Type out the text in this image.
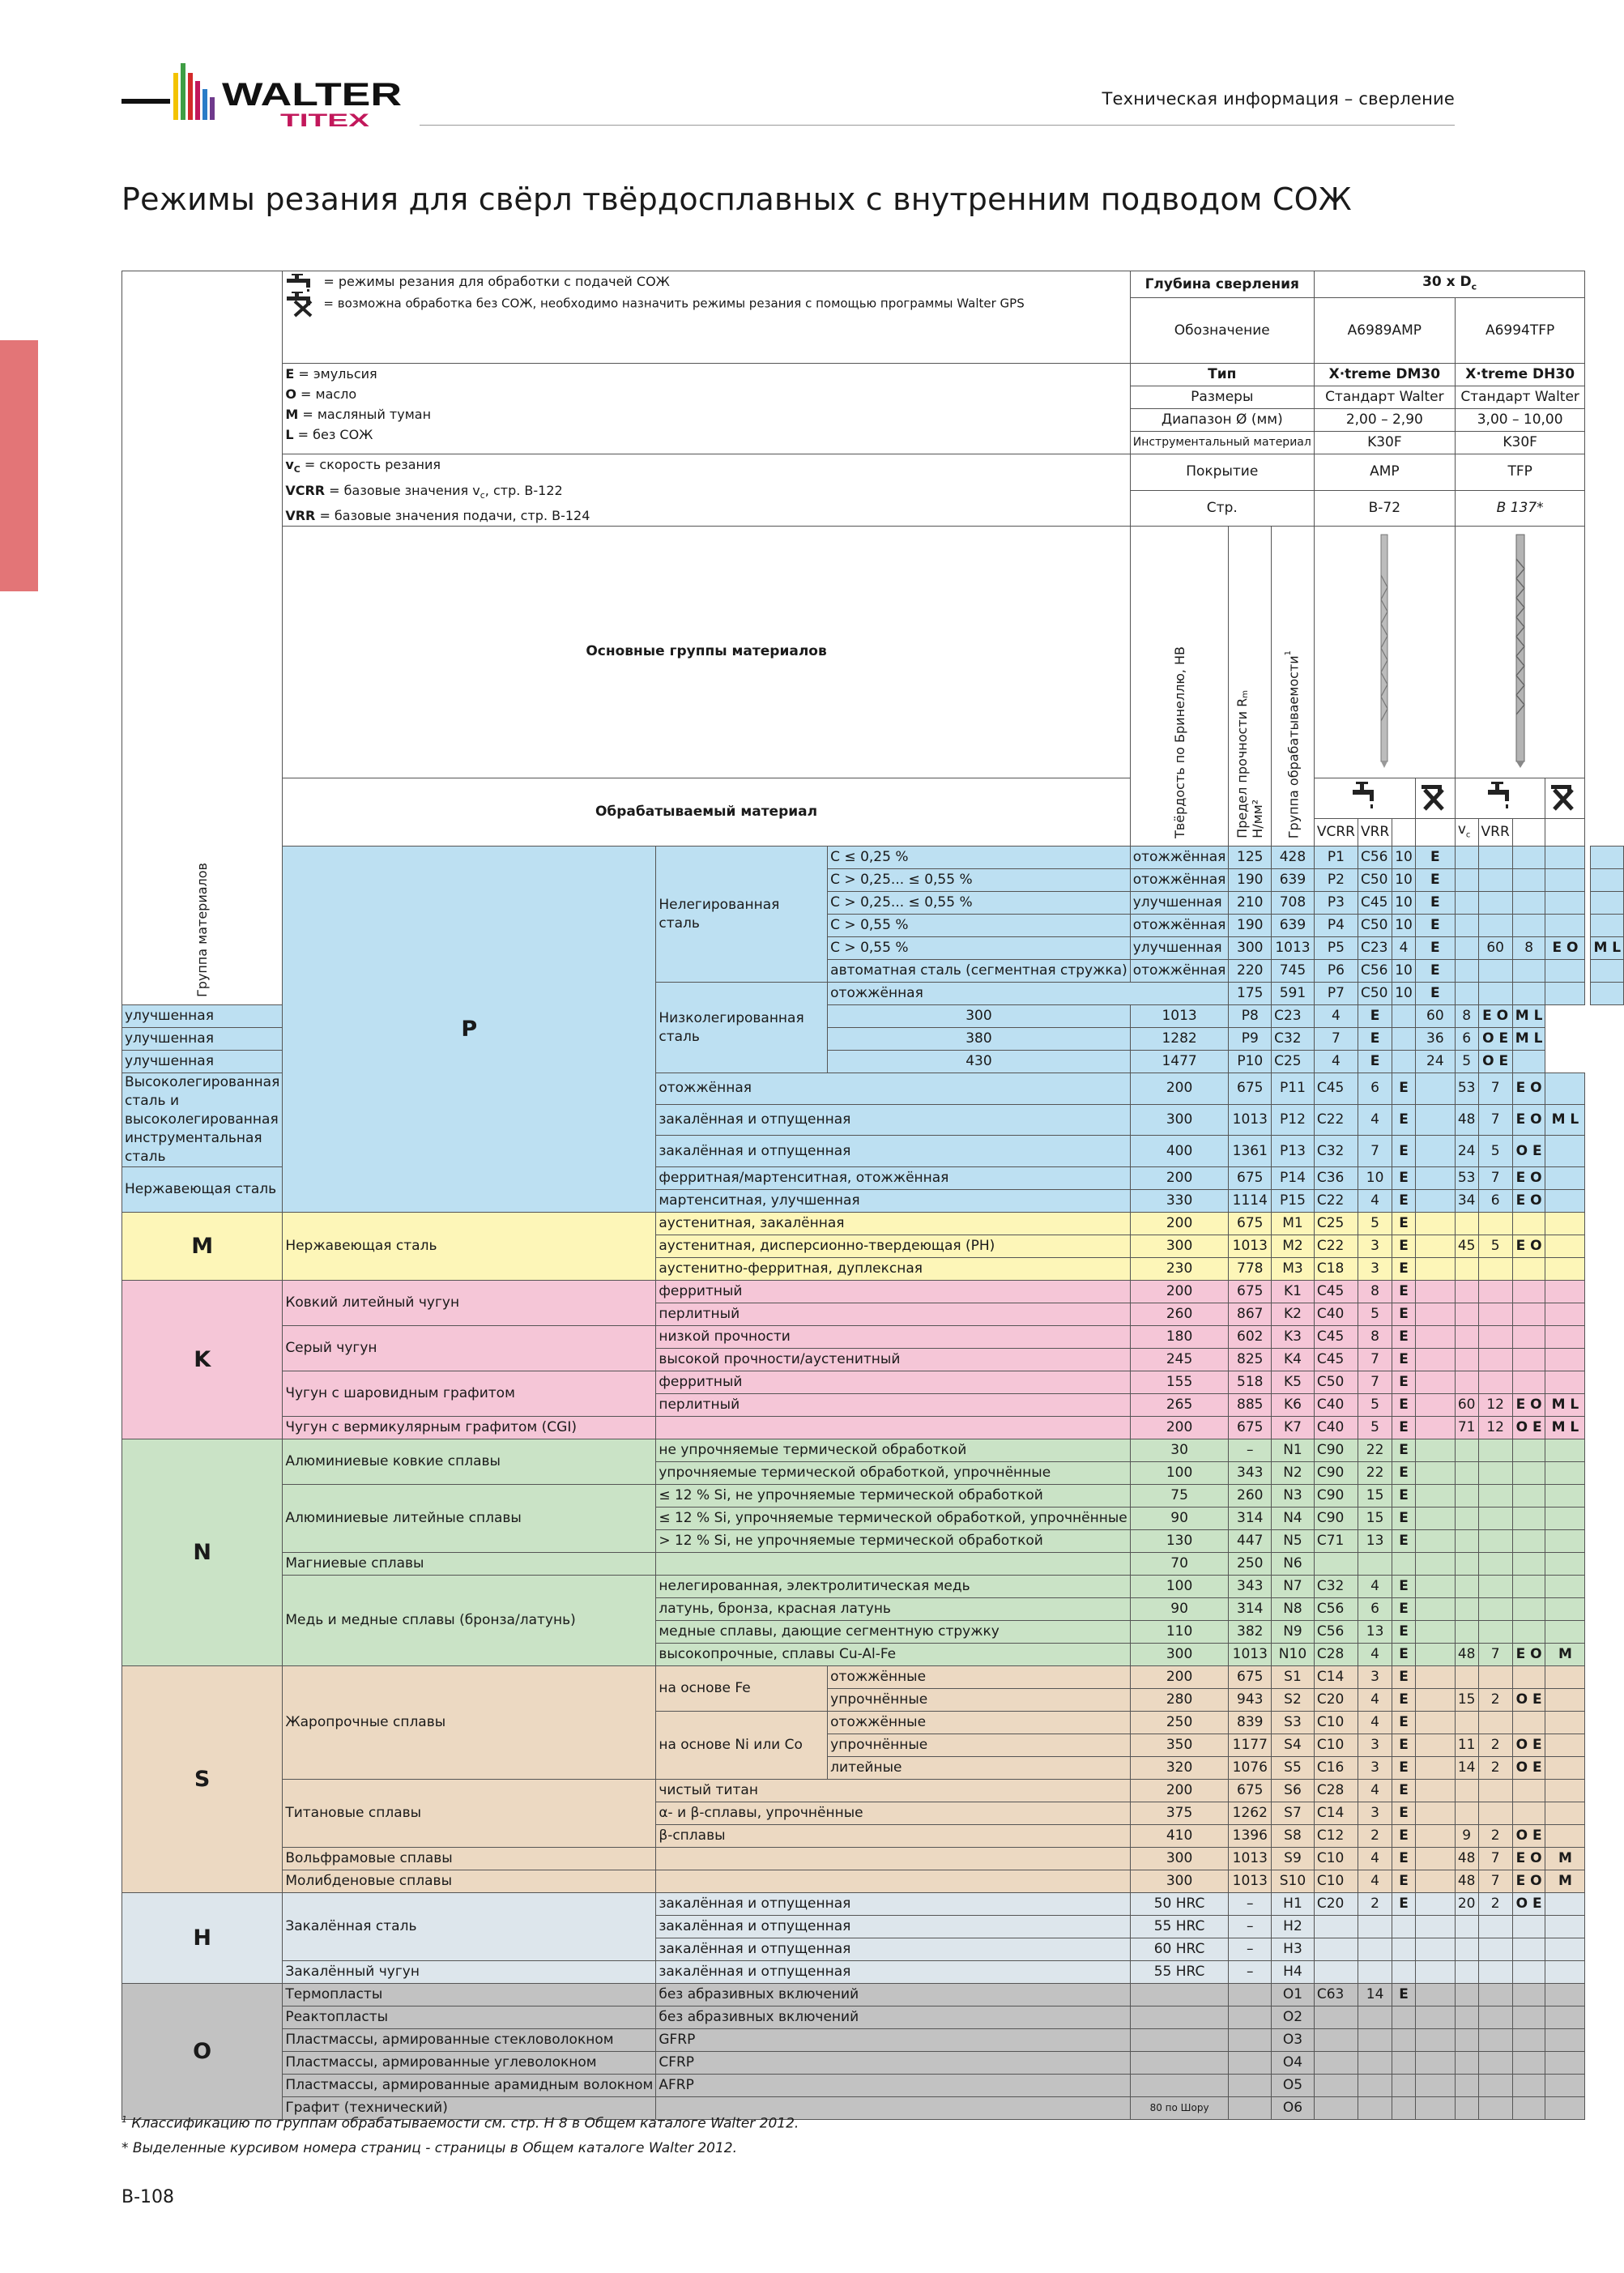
WALTER
TITEX
Техническая информация – сверление
Режимы резания для свёрл твёрдосплавных с внутренним подводом СОЖ
Группа материалов	= режимы резания для обработки с подачей СОЖ
= возможна обработка без СОЖ, необходимо назначить режимы резания с помощью программы Walter GPS			Глубина сверления			30 x $D_c$	
				Обозначение			A6989AMP				A6994TFP					

	E = эмульсия
O = масло
M = масляный туман
L = без СОЖ			Тип			X·treme DM30				X·treme DH30					
				Размеры			Стандарт Walter				Стандарт Walter					
				Диапазон Ø (мм)			2,00 – 2,90				3,00 – 10,00					
				Инструментальный материал			K30F				K30F					
	$v_C$ = скорость резания
VCRR = базовые значения $v_c$, стр. B-122
VRR = базовые значения подачи, стр. B-124			Покрытие			AMP				TFP					
				Стр.			B-72				B 137*					
	Основные группы материалов			Твёрдость по Бринеллю, HB	Предел прочности $R_m$
Н/мм²	Группа обрабатываемости$^1$		
	Обрабатываемый материал				
							VCRR	VRR			$v_c$	VRR				
	P	Нелегированная сталь	C ≤ 0,25 %	отожжённая	125	428	P1	C56	10	E						
			C > 0,25... ≤ 0,55 %	отожжённая	190	639	P2	C50	10	E						
			C > 0,25... ≤ 0,55 %	улучшенная	210	708	P3	C45	10	E						
			C > 0,55 %	отожжённая	190	639	P4	C50	10	E						
			C > 0,55 %	улучшенная	300	1013	P5	C23	4	E		60	8	E O		M L
			автоматная сталь (сегментная стружка)	отожжённая	220	745	P6	C56	10	E						
		Низколегированная сталь	отожжённая		175	591	P7	C50	10	E						
улучшенная			300	1013	P8	C23	4	E		60	8	E O	M L			
улучшенная			380	1282	P9	C32	7	E		36	6	O E	M L			
улучшенная			430	1477	P10	C25	4	E		24	5	O E				
Высоколегированная сталь и высоколегированная инструментальная сталь		отожжённая		200	675	P11	C45	6	E		53	7	E O			
		закалённая и отпущенная		300	1013	P12	C22	4	E		48	7	E O	M L		
		закалённая и отпущенная		400	1361	P13	C32	7	E		24	5	O E			
Нержавеющая сталь		ферритная/мартенситная, отожжённая		200	675	P14	C36	10	E		53	7	E O			
		мартенситная, улучшенная		330	1114	P15	C22	4	E		34	6	E O			
M	Нержавеющая сталь	аустенитная, закалённая		200	675	M1	C25	5	E							
		аустенитная, дисперсионно-твердеющая (PH)		300	1013	M2	C22	3	E		45	5	E O			
		аустенитно-ферритная, дуплексная		230	778	M3	C18	3	E							
K	Ковкий литейный чугун	ферритный		200	675	K1	C45	8	E							
		перлитный		260	867	K2	C40	5	E							
	Серый чугун	низкой прочности		180	602	K3	C45	8	E							
		высокой прочности/аустенитный		245	825	K4	C45	7	E							
	Чугун с шаровидным графитом	ферритный		155	518	K5	C50	7	E							
		перлитный		265	885	K6	C40	5	E		60	12	E O	M L		
	Чугун с вермикулярным графитом (CGI)			200	675	K7	C40	5	E		71	12	O E	M L		
N	Алюминиевые ковкие сплавы	не упрочняемые термической обработкой		30	–	N1	C90	22	E							
		упрочняемые термической обработкой, упрочнённые		100	343	N2	C90	22	E							
	Алюминиевые литейные сплавы	≤ 12 % Si, не упрочняемые термической обработкой		75	260	N3	C90	15	E							
		≤ 12 % Si, упрочняемые термической обработкой, упрочнённые		90	314	N4	C90	15	E							
		> 12 % Si, не упрочняемые термической обработкой		130	447	N5	C71	13	E							
	Магниевые сплавы			70	250	N6										
	Медь и медные сплавы (бронза/латунь)	нелегированная, электролитическая медь		100	343	N7	C32	4	E							
		латунь, бронза, красная латунь		90	314	N8	C56	6	E							
		медные сплавы, дающие сегментную стружку		110	382	N9	C56	13	E							
		высокопрочные, сплавы Cu-Al-Fe		300	1013	N10	C28	4	E		48	7	E O	M		
S	Жаропрочные сплавы	на основе Fe	отожжённые	200	675	S1	C14	3	E							
			упрочнённые	280	943	S2	C20	4	E		15	2	O E			
		на основе Ni или Co	отожжённые	250	839	S3	C10	4	E							
			упрочнённые	350	1177	S4	C10	3	E		11	2	O E			
			литейные	320	1076	S5	C16	3	E		14	2	O E			
	Титановые сплавы	чистый титан		200	675	S6	C28	4	E							
		α- и β-сплавы, упрочнённые		375	1262	S7	C14	3	E							
		β-сплавы		410	1396	S8	C12	2	E		9	2	O E			
	Вольфрамовые сплавы			300	1013	S9	C10	4	E		48	7	E O	M		
	Молибденовые сплавы			300	1013	S10	C10	4	E		48	7	E O	M		
H	Закалённая сталь	закалённая и отпущенная		50 HRC	–	H1	C20	2	E		20	2	O E			
		закалённая и отпущенная		55 HRC	–	H2										
		закалённая и отпущенная		60 HRC	–	H3										
	Закалённый чугун	закалённая и отпущенная		55 HRC	–	H4										
O	Термопласты	без абразивных включений				O1	C63	14	E							
	Реактопласты	без абразивных включений				O2										
	Пластмассы, армированные стекловолокном	GFRP				O3										
	Пластмассы, армированные углеволокном	CFRP				O4										
	Пластмассы, армированные арамидным волокном	AFRP				O5										
	Графит (технический)			80 по Шору		O6										
$^1$ Классификацию по группам обрабатываемости см. стр. H 8 в Общем каталоге Walter 2012.
* Выделенные курсивом номера страниц - страницы в Общем каталоге Walter 2012.
B-108
